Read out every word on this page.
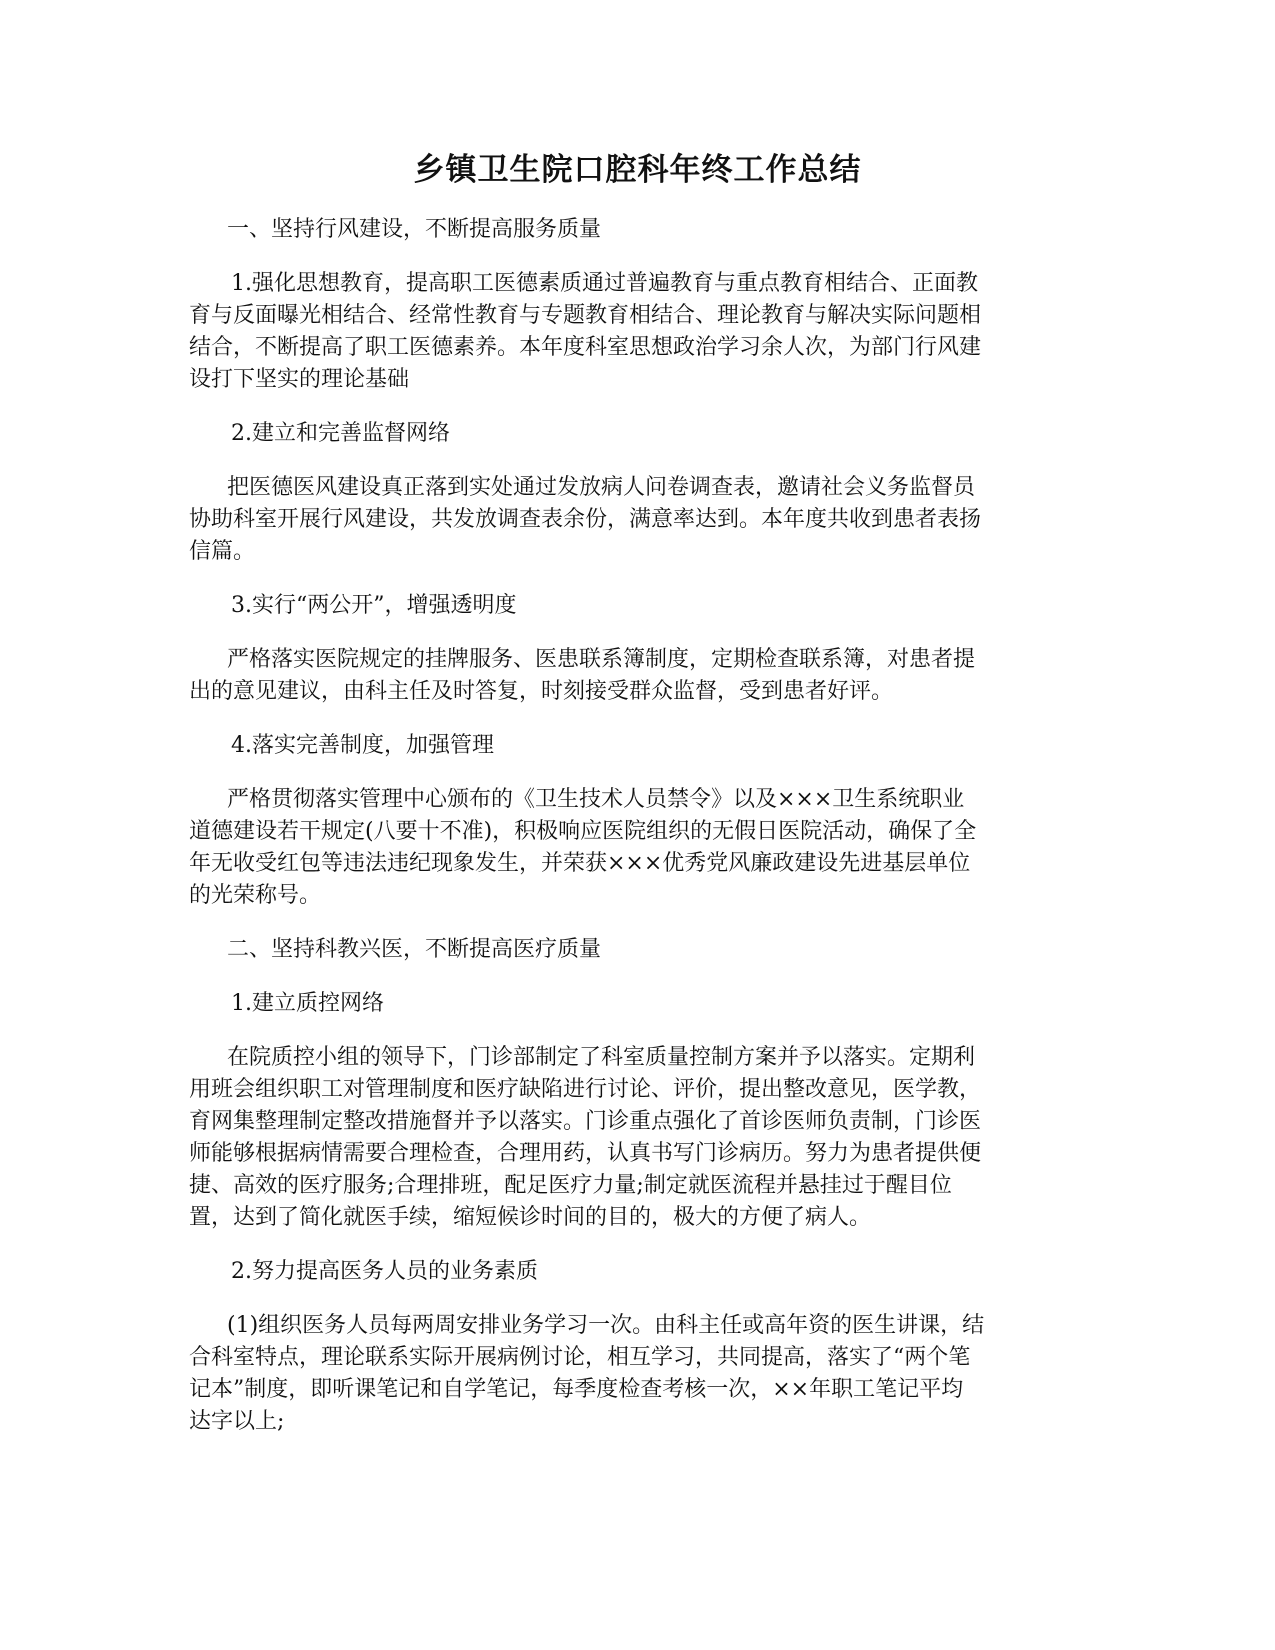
乡镇卫生院口腔科年终工作总结
一、坚持行风建设，不断提高服务质量
1.强化思想教育，提高职工医德素质通过普遍教育与重点教育相结合、正面教
育与反面曝光相结合、经常性教育与专题教育相结合、理论教育与解决实际问题相
结合，不断提高了职工医德素养。本年度科室思想政治学习余人次，为部门行风建
设打下坚实的理论基础
2.建立和完善监督网络
把医德医风建设真正落到实处通过发放病人问卷调查表，邀请社会义务监督员
协助科室开展行风建设，共发放调查表余份，满意率达到。本年度共收到患者表扬
信篇。
3.实行“两公开”，增强透明度
严格落实医院规定的挂牌服务、医患联系簿制度，定期检查联系簿，对患者提
出的意见建议，由科主任及时答复，时刻接受群众监督，受到患者好评。
4.落实完善制度，加强管理
严格贯彻落实管理中心颁布的《卫生技术人员禁令》以及×××卫生系统职业
道德建设若干规定(八要十不准)，积极响应医院组织的无假日医院活动，确保了全
年无收受红包等违法违纪现象发生，并荣获×××优秀党风廉政建设先进基层单位
的光荣称号。
二、坚持科教兴医，不断提高医疗质量
1.建立质控网络
在院质控小组的领导下，门诊部制定了科室质量控制方案并予以落实。定期利
用班会组织职工对管理制度和医疗缺陷进行讨论、评价，提出整改意见，医学教，
育网集整理制定整改措施督并予以落实。门诊重点强化了首诊医师负责制，门诊医
师能够根据病情需要合理检查，合理用药，认真书写门诊病历。努力为患者提供便
捷、高效的医疗服务;合理排班，配足医疗力量;制定就医流程并悬挂过于醒目位
置，达到了简化就医手续，缩短候诊时间的目的，极大的方便了病人。
2.努力提高医务人员的业务素质
(1)组织医务人员每两周安排业务学习一次。由科主任或高年资的医生讲课，结
合科室特点，理论联系实际开展病例讨论，相互学习，共同提高，落实了“两个笔
记本”制度，即听课笔记和自学笔记，每季度检查考核一次，××年职工笔记平均
达字以上;
